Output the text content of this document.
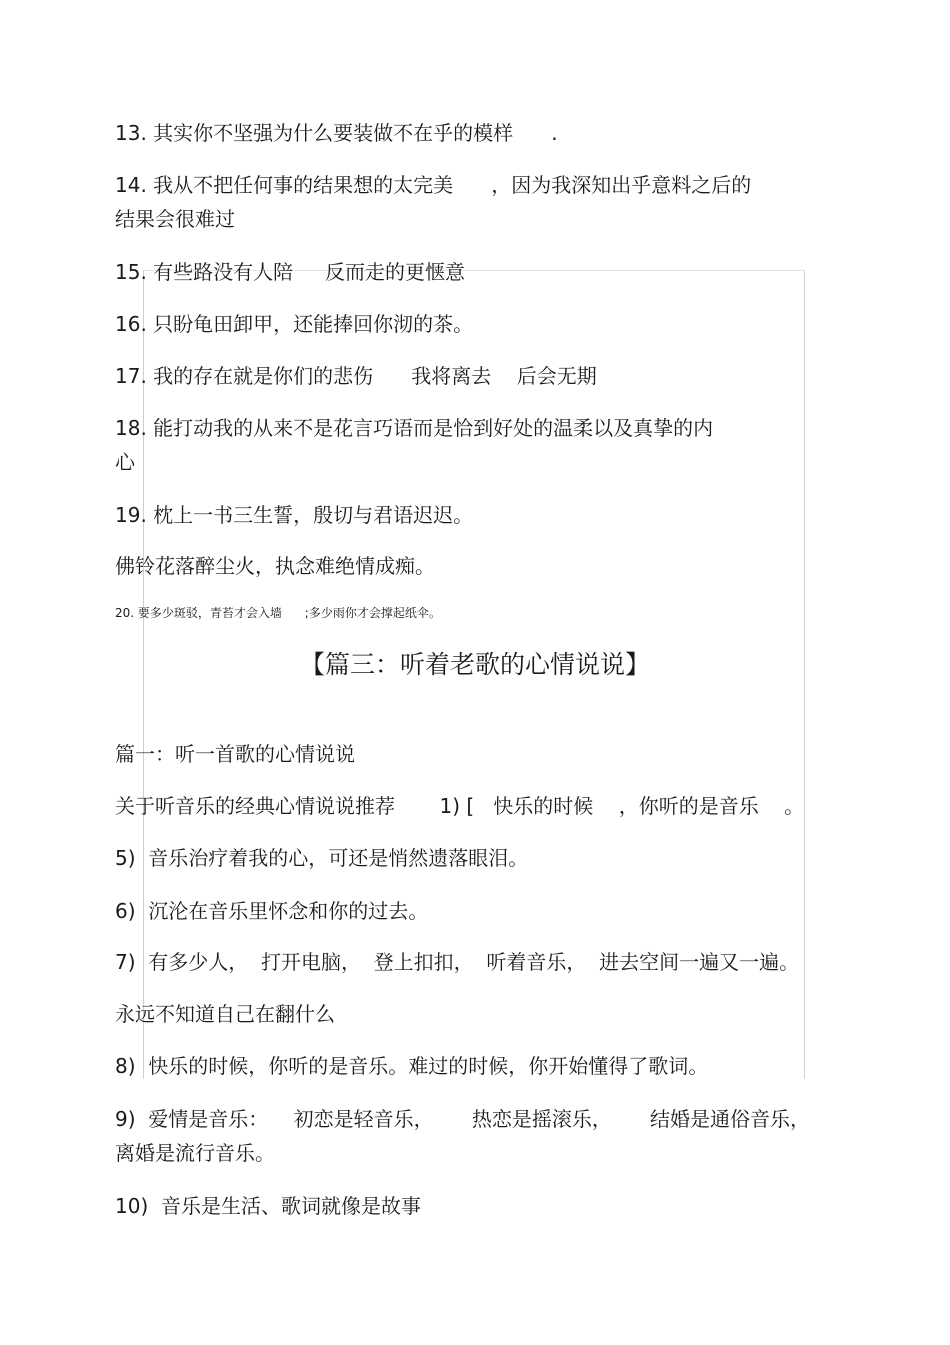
13. 其实你不坚强为什么要装做不在乎的模样      .
14. 我从不把任何事的结果想的太完美      ，因为我深知出乎意料之后的
结果会很难过
15. 有些路没有人陪     反而走的更惬意
16. 只盼龟田卸甲，还能捧回你沏的茶。
17. 我的存在就是你们的悲伤      我将离去    后会无期
18. 能打动我的从来不是花言巧语而是恰到好处的温柔以及真挚的内
心
19. 枕上一书三生誓，殷切与君语迟迟。
佛铃花落醉尘火，执念难绝情成痴。
20. 要多少斑驳，青苔才会入墙      ;多少雨你才会撑起纸伞。
【篇三：听着老歌的心情说说】
篇一：听一首歌的心情说说
关于听音乐的经典心情说说推荐       1) [   快乐的时候    ，你听的是音乐    。
5)  音乐治疗着我的心，可还是悄然遗落眼泪。
6)  沉沦在音乐里怀念和你的过去。
7)  有多少人，  打开电脑，  登上扣扣，  听着音乐，  进去空间一遍又一遍。
永远不知道自己在翻什么
8)  快乐的时候，你听的是音乐。难过的时候，你开始懂得了歌词。
9)  爱情是音乐：    初恋是轻音乐，      热恋是摇滚乐，      结婚是通俗音乐，
离婚是流行音乐。
10)  音乐是生活、歌词就像是故事
